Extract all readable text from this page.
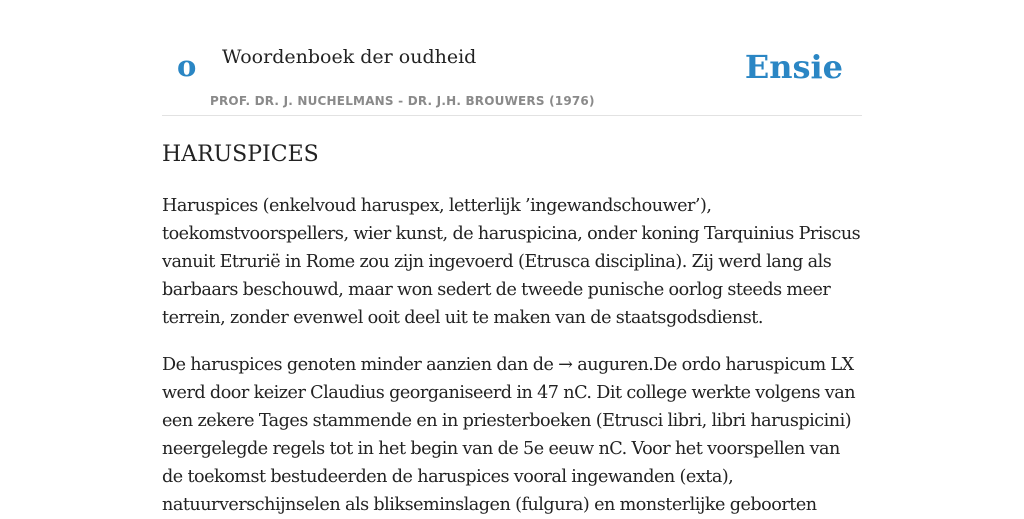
o Woordenboek der oudheid	Ensie
PROF. DR. J. NUCHELMANS - DR. J.H. BROUWERS (1976)
HARUSPICES

Haruspices (enkelvoud haruspex, letterlijk ’ingewandschouwer’), toekomstvoorspellers, wier kunst, de haruspicina, onder koning Tarquinius Priscus vanuit Etrurië in Rome zou zijn ingevoerd (Etrusca disciplina). Zij werd lang als barbaars beschouwd, maar won sedert de tweede punische oorlog steeds meer terrein, zonder evenwel ooit deel uit te maken van de staatsgodsdienst.

De haruspices genoten minder aanzien dan de → auguren.De ordo haruspicum LX werd door keizer Claudius georganiseerd in 47 nC. Dit college werkte volgens van een zekere Tages stammende en in priesterboeken (Etrusci libri, libri haruspicini) neergelegde regels tot in het begin van de 5e eeuw nC. Voor het voorspellen van de toekomst bestudeerden de haruspices vooral ingewanden (exta), natuurverschijnselen als blikseminslagen (fulgura) en monsterlijke geboorten
